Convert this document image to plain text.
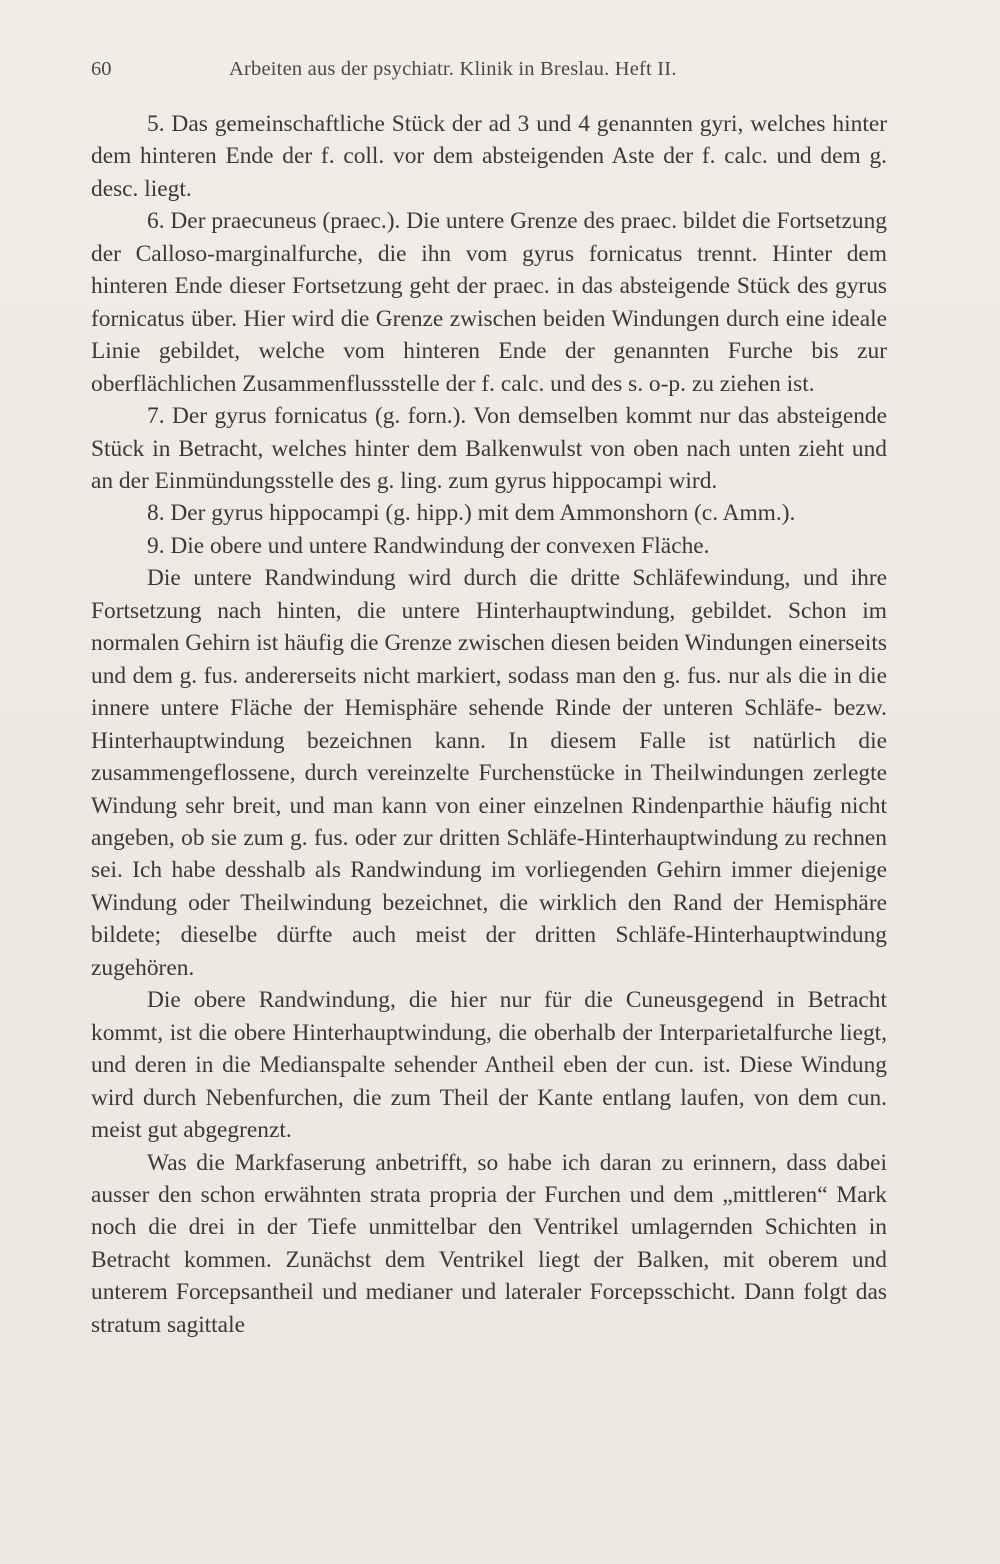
60	Arbeiten aus der psychiatr. Klinik in Breslau. Heft II.

5. Das gemeinschaftliche Stück der ad 3 und 4 genannten gyri, welches hinter dem hinteren Ende der f. coll. vor dem absteigenden Aste der f. calc. und dem g. desc. liegt.

6. Der praecuneus (praec.). Die untere Grenze des praec. bildet die Fortsetzung der Calloso-marginalfurche, die ihn vom gyrus fornicatus trennt. Hinter dem hinteren Ende dieser Fortsetzung geht der praec. in das absteigende Stück des gyrus fornicatus über. Hier wird die Grenze zwischen beiden Windungen durch eine ideale Linie gebildet, welche vom hinteren Ende der genannten Furche bis zur oberflächlichen Zusammenflussstelle der f. calc. und des s. o-p. zu ziehen ist.

7. Der gyrus fornicatus (g. forn.). Von demselben kommt nur das absteigende Stück in Betracht, welches hinter dem Balkenwulst von oben nach unten zieht und an der Einmündungsstelle des g. ling. zum gyrus hippocampi wird.

8. Der gyrus hippocampi (g. hipp.) mit dem Ammonshorn (c. Amm.).

9. Die obere und untere Randwindung der convexen Fläche.

Die untere Randwindung wird durch die dritte Schläfewindung, und ihre Fortsetzung nach hinten, die untere Hinterhauptwindung, gebildet. Schon im normalen Gehirn ist häufig die Grenze zwischen diesen beiden Windungen einerseits und dem g. fus. andererseits nicht markiert, sodass man den g. fus. nur als die in die innere untere Fläche der Hemisphäre sehende Rinde der unteren Schläfe- bezw. Hinterhauptwindung bezeichnen kann. In diesem Falle ist natürlich die zusammengeflossene, durch vereinzelte Furchenstücke in Theilwindungen zerlegte Windung sehr breit, und man kann von einer einzelnen Rindenparthie häufig nicht angeben, ob sie zum g. fus. oder zur dritten Schläfe-Hinterhauptwindung zu rechnen sei. Ich habe desshalb als Randwindung im vorliegenden Gehirn immer diejenige Windung oder Theilwindung bezeichnet, die wirklich den Rand der Hemisphäre bildete; dieselbe dürfte auch meist der dritten Schläfe-Hinterhauptwindung zugehören.

Die obere Randwindung, die hier nur für die Cuneusgegend in Betracht kommt, ist die obere Hinterhauptwindung, die oberhalb der Interparietalfurche liegt, und deren in die Medianspalte sehender Antheil eben der cun. ist. Diese Windung wird durch Nebenfurchen, die zum Theil der Kante entlang laufen, von dem cun. meist gut abgegrenzt.

Was die Markfaserung anbetrifft, so habe ich daran zu erinnern, dass dabei ausser den schon erwähnten strata propria der Furchen und dem „mittleren“ Mark noch die drei in der Tiefe unmittelbar den Ventrikel umlagernden Schichten in Betracht kommen. Zunächst dem Ventrikel liegt der Balken, mit oberem und unterem Forcepsantheil und medianer und lateraler Forcepsschicht. Dann folgt das stratum sagittale
